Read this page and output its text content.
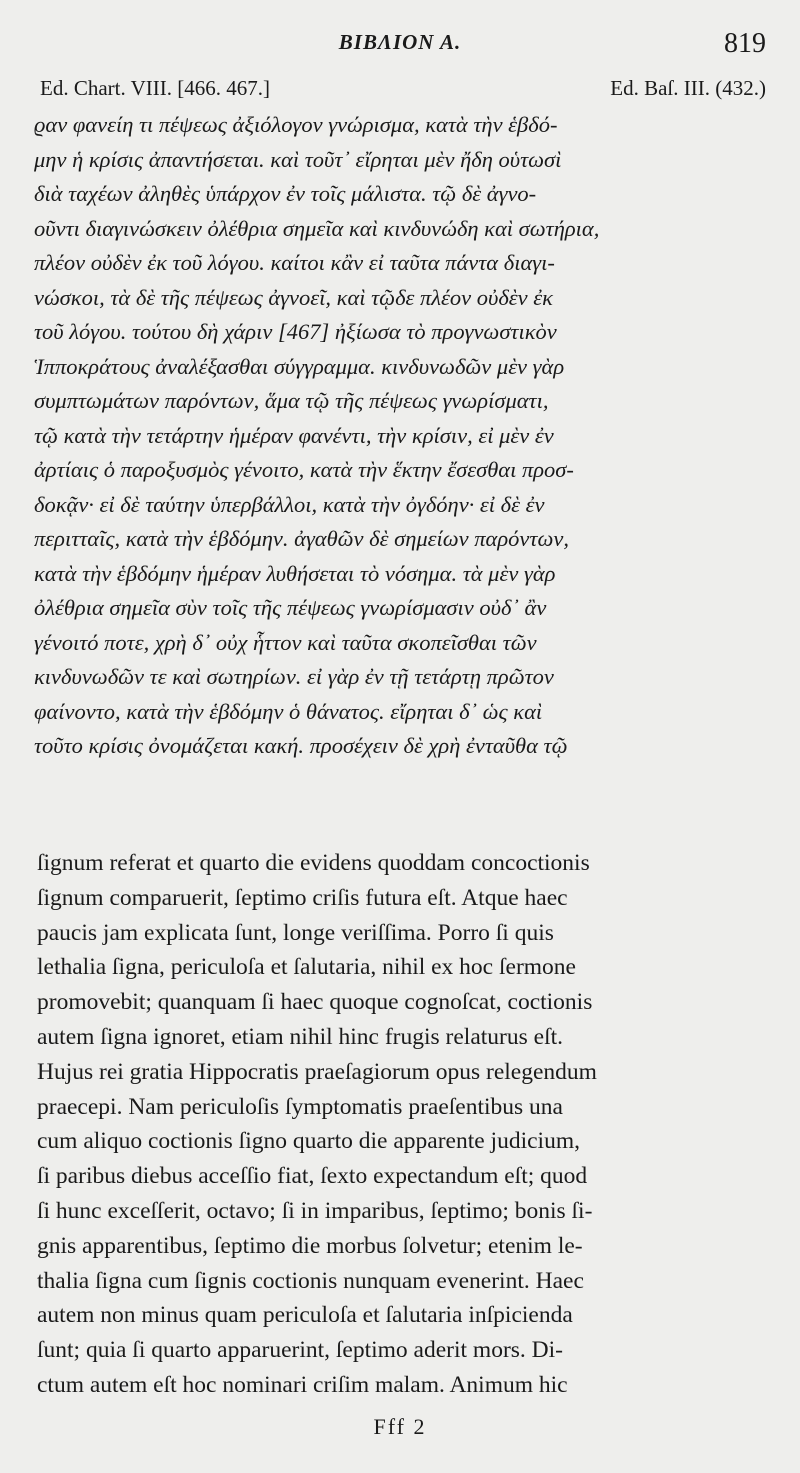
BIBΛΙΟΝ Α.	819
Ed. Chart. VIII. [466. 467.]	Ed. Baſ. III. (432.)
ϱαν φανείη τι πέψεως ἀξιόλογον γνώρισμα, κατὰ τὴν ἑβδό-
μην ἡ κρίσις ἀπαντήσεται. καὶ τοῦτ᾽ εἴρηται μὲν ἤδη οὑτωσὶ
διὰ ταχέων ἀληθὲς ὑπάρχον ἐν τοῖς μάλιστα. τῷ δὲ ἀγνο-
οῦντι διαγινώσκειν ὀλέθρια σημεῖα καὶ κινδυνώδη καὶ σωτήρια,
πλέον οὐδὲν ἐκ τοῦ λόγου. καίτοι κἂν εἰ ταῦτα πάντα διαγι-
νώσκοι, τὰ δὲ τῆς πέψεως ἀγνοεῖ, καὶ τῷδε πλέον οὐδὲν ἐκ
τοῦ λόγου. τούτου δὴ χάριν [467] ἠξίωσα τὸ προγνωστικὸν
Ἱπποκράτους ἀναλέξασθαι σύγγραμμα. κινδυνωδῶν μὲν γὰρ
συμπτωμάτων παρόντων, ἅμα τῷ τῆς πέψεως γνωρίσματι,
τῷ κατὰ τὴν τετάρτην ἡμέραν φανέντι, τὴν κρίσιν, εἰ μὲν ἐν
ἀρτίαις ὁ παροξυσμὸς γένοιτο, κατὰ τὴν ἕκτην ἔσεσθαι προσ-
δοκᾷν· εἰ δὲ ταύτην ὑπερβάλλοι, κατὰ τὴν ὀγδόην· εἰ δὲ ἐν
περιτταῖς, κατὰ τὴν ἑβδόμην. ἀγαθῶν δὲ σημείων παρόντων,
κατὰ τὴν ἑβδόμην ἡμέραν λυθήσεται τὸ νόσημα. τὰ μὲν γὰρ
ὀλέθρια σημεῖα σὺν τοῖς τῆς πέψεως γνωρίσμασιν οὐδ᾽ ἂν
γένοιτό ποτε, χρὴ δ᾽ οὐχ ἧττον καὶ ταῦτα σκοπεῖσθαι τῶν
κινδυνωδῶν τε καὶ σωτηρίων. εἰ γὰρ ἐν τῇ τετάρτῃ πρῶτον
φαίνοντο, κατὰ τὴν ἑβδόμην ὁ θάνατος. εἴρηται δ᾽ ὡς καὶ
τοῦτο κρίσις ὀνομάζεται κακή. προσέχειν δὲ χρὴ ἐνταῦθα τῷ
ſignum referat et quarto die evidens quoddam concoctionis
ſignum comparuerit, ſeptimo criſis futura eſt. Atque haec
paucis jam explicata ſunt, longe veriſſima. Porro ſi quis
lethalia ſigna, periculoſa et ſalutaria, nihil ex hoc ſermone
promovebit; quanquam ſi haec quoque cognoſcat, coctionis
autem ſigna ignoret, etiam nihil hinc frugis relaturus eſt.
Hujus rei gratia Hippocratis praeſagiorum opus relegendum
praecepi. Nam periculoſis ſymptomatis praeſentibus una
cum aliquo coctionis ſigno quarto die apparente judicium,
ſi paribus diebus acceſſio fiat, ſexto expectandum eſt; quod
ſi hunc exceſſerit, octavo; ſi in imparibus, ſeptimo; bonis ſi-
gnis apparentibus, ſeptimo die morbus ſolvetur; etenim le-
thalia ſigna cum ſignis coctionis nunquam evenerint. Haec
autem non minus quam periculoſa et ſalutaria inſpicienda
ſunt; quia ſi quarto apparuerint, ſeptimo aderit mors. Di-
ctum autem eſt hoc nominari criſim malam. Animum hic
Fff 2
